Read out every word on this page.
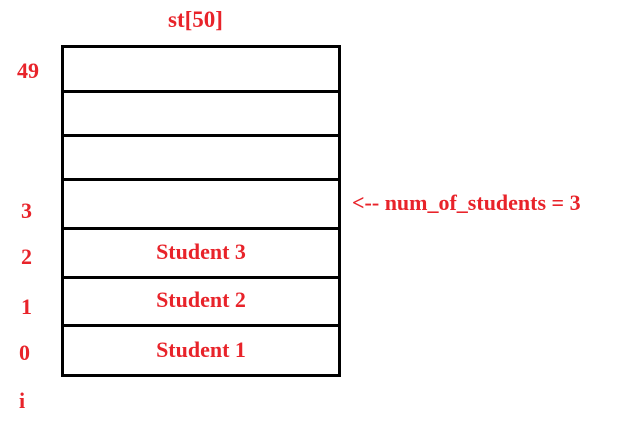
st[50]
49
3
2
1
0
i
Student 3
Student 2
Student 1
<-- num_of_students = 3
